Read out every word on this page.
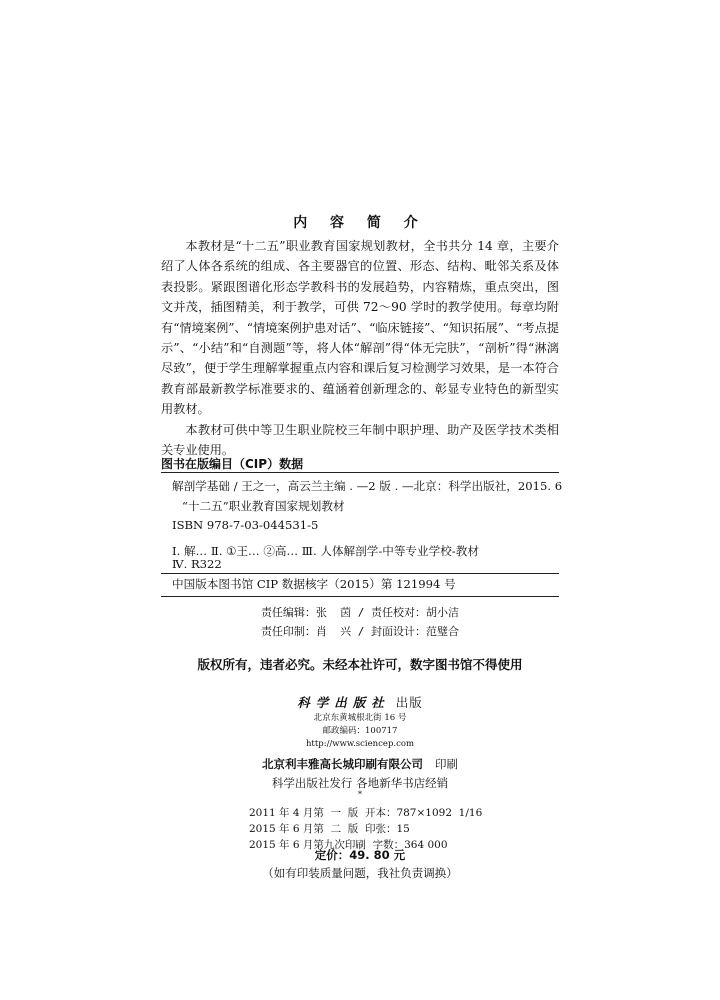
内 容 简 介

本教材是“十二五”职业教育国家规划教材，全书共分 14 章，主要介绍了人体各系统的组成、各主要器官的位置、形态、结构、毗邻关系及体表投影。紧跟图谱化形态学教科书的发展趋势，内容精炼，重点突出，图文并茂，插图精美，利于教学，可供 72～90 学时的教学使用。每章均附有“情境案例”、“情境案例护患对话”、“临床链接”、“知识拓展”、“考点提示”、“小结”和“自测题”等，将人体“解剖”得“体无完肤”，“剖析”得“淋漓尽致”，便于学生理解掌握重点内容和课后复习检测学习效果，是一本符合教育部最新教学标准要求的、蕴涵着创新理念的、彰显专业特色的新型实用教材。

本教材可供中等卫生职业院校三年制中职护理、助产及医学技术类相关专业使用。

图书在版编目（CIP）数据
解剖学基础 / 王之一，高云兰主编 . —2 版 . —北京：科学出版社，2015. 6
“十二五”职业教育国家规划教材
ISBN 978-7-03-044531-5
Ⅰ. 解… Ⅱ. ①王… ②高… Ⅲ. 人体解剖学-中等专业学校-教材
Ⅳ. R322
中国版本图书馆 CIP 数据核字（2015）第 121994 号
责任编辑：张  茵 / 责任校对：胡小洁
责任印制：肖  兴 / 封面设计：范璧合
版权所有，违者必究。未经本社许可，数字图书馆不得使用
科学出版社 出版
北京东黄城根北街 16 号
邮政编码：100717
http://www.sciencep.com
北京利丰雅高长城印刷有限公司 印刷
科学出版社发行 各地新华书店经销
*
2011 年 4 月第  一  版  开本：787×1092  1/16
2015 年 6 月第  二  版  印张：15
2015 年 6 月第九次印刷  字数：364 000
定价：49. 80 元
（如有印装质量问题，我社负责调换）
